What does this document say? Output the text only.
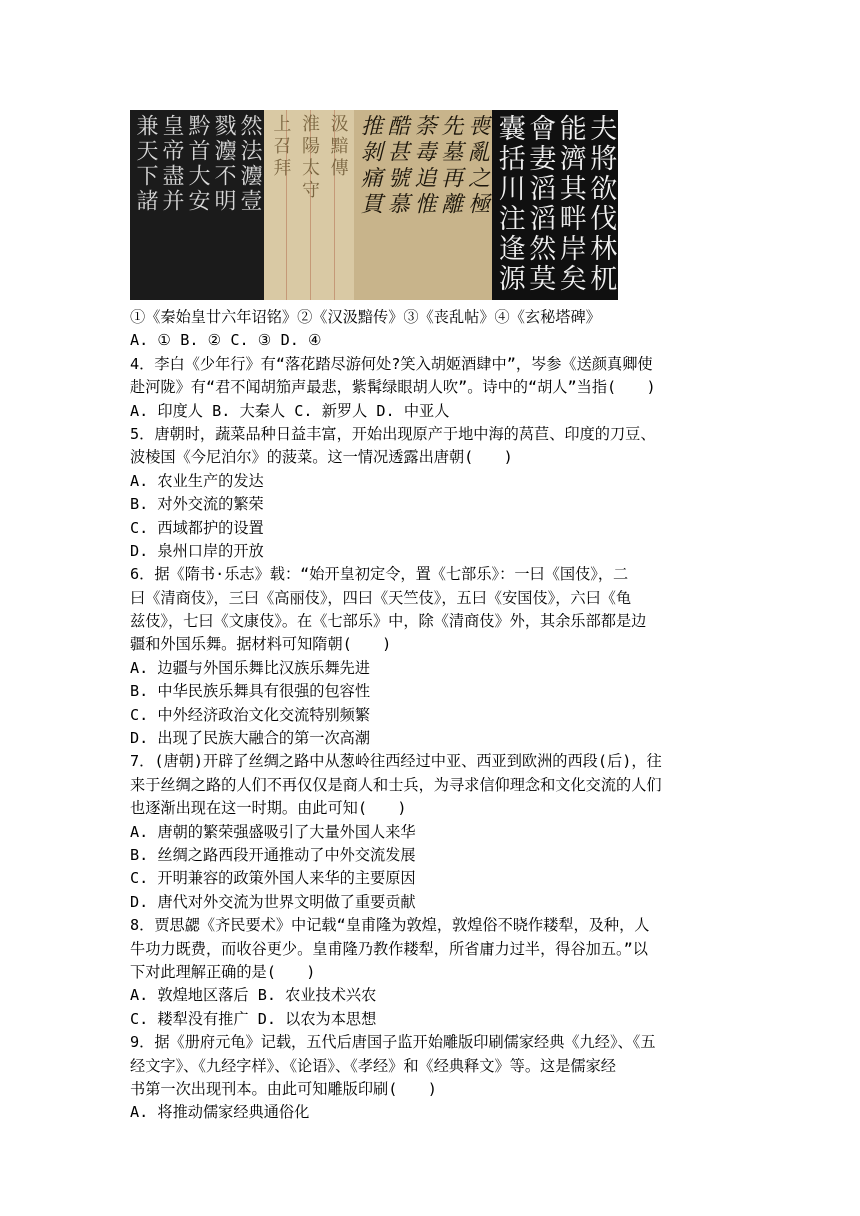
然法灋壹
戮灋不明
黔首大安
皇帝盡并
兼天下諸	汲黯傳
淮陽太守
上召拜	喪亂之極
先墓再離
荼毒追惟
酷甚號慕
推剝痛貫	夫將欲伐林杌
能濟其畔岸矣
會妻滔滔然莫
囊括川注逢源
①《秦始皇廿六年诏铭》 ②《汉汲黯传》 ③《丧乱帖》 ④《玄秘塔碑》
A. ① B. ② C. ③ D. ④
4．李白《少年行》有“落花踏尽游何处?笑入胡姬酒肆中”，岑参《送颜真卿使
赴河陇》有“君不闻胡笳声最悲，紫髯绿眼胡人吹”。诗中的“胡人”当指(　　)
A. 印度人 B. 大秦人 C. 新罗人 D. 中亚人
5．唐朝时，蔬菜品种日益丰富，开始出现原产于地中海的莴苣、印度的刀豆、
波棱国《今尼泊尔》的菠菜。这一情况透露出唐朝(　　)
A. 农业生产的发达
B. 对外交流的繁荣
C. 西域都护的设置
D. 泉州口岸的开放
6．据《隋书·乐志》载：“始开皇初定令，置《七部乐》：一曰《国伎》，二
曰《清商伎》，三曰《高丽伎》，四曰《天竺伎》，五曰《安国伎》，六曰《龟
兹伎》，七曰《文康伎》。在《七部乐》中，除《清商伎》外，其余乐部都是边
疆和外国乐舞。据材料可知隋朝(　　)
A. 边疆与外国乐舞比汉族乐舞先进
B. 中华民族乐舞具有很强的包容性
C. 中外经济政治文化交流特别频繁
D. 出现了民族大融合的第一次高潮
7．(唐朝)开辟了丝绸之路中从葱岭往西经过中亚、西亚到欧洲的西段(后)，往
来于丝绸之路的人们不再仅仅是商人和士兵，为寻求信仰理念和文化交流的人们
也逐渐出现在这一时期。由此可知(　　)
A. 唐朝的繁荣强盛吸引了大量外国人来华
B. 丝绸之路西段开通推动了中外交流发展
C. 开明兼容的政策外国人来华的主要原因
D. 唐代对外交流为世界文明做了重要贡献
8．贾思勰《齐民要术》中记载“皇甫隆为敦煌，敦煌俗不晓作耧犁，及种，人
牛功力既费，而收谷更少。皇甫隆乃教作耧犁，所省庸力过半，得谷加五。”以
下对此理解正确的是(　　)
A. 敦煌地区落后 B. 农业技术兴农
C. 耧犁没有推广 D. 以农为本思想
9．据《册府元龟》记载，五代后唐国子监开始雕版印刷儒家经典《九经》、《五
经文字》、《九经字样》、《论语》、《孝经》和《经典释文》等。这是儒家经
书第一次出现刊本。由此可知雕版印刷(　　)
A. 将推动儒家经典通俗化
